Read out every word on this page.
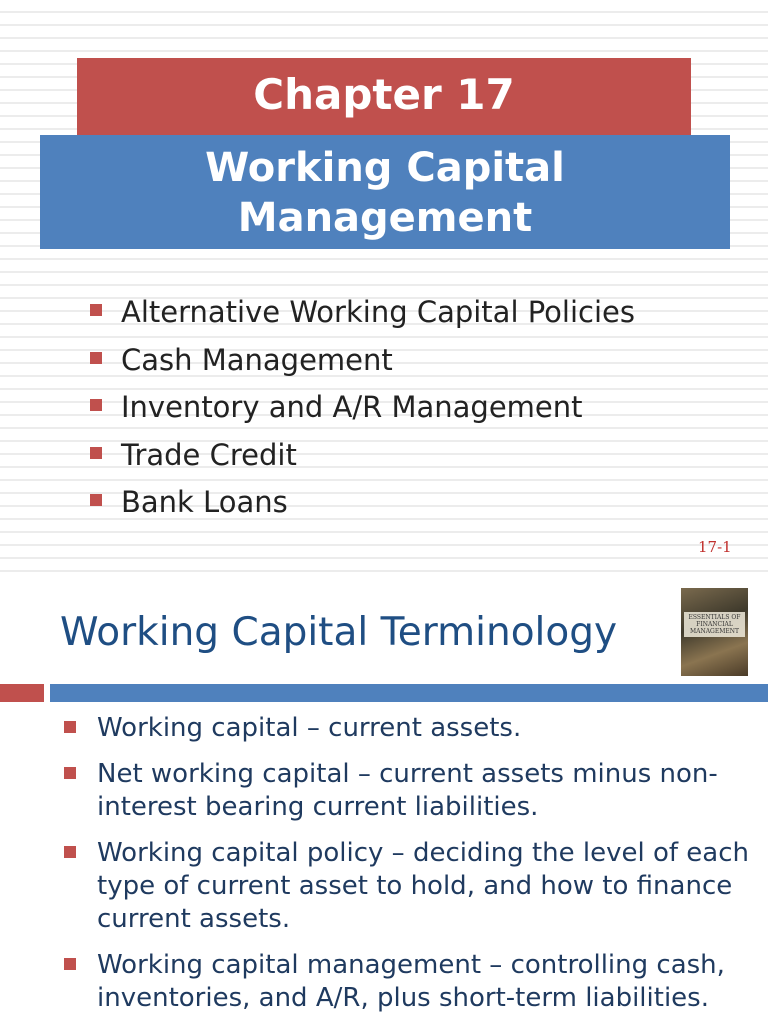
Chapter 17
Working Capital
Management
Alternative Working Capital Policies
Cash Management
Inventory and A/R Management
Trade Credit
Bank Loans
17-1
Working Capital Terminology	ESSENTIALS OF FINANCIAL MANAGEMENT
Working capital – current assets.
Net working capital – current assets minus non-interest bearing current liabilities.
Working capital policy – deciding the level of each type of current asset to hold, and how to finance current assets.
Working capital management – controlling cash, inventories, and A/R, plus short-term liabilities.
